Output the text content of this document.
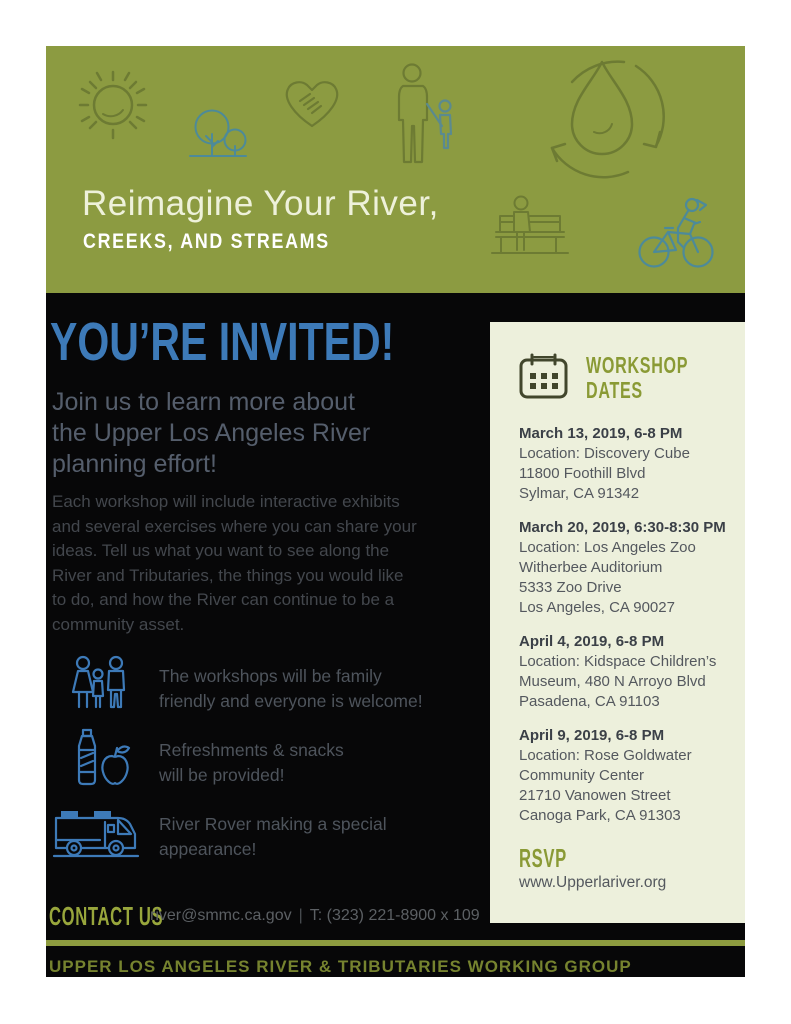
Reimagine Your River,
CREEKS, AND STREAMS
YOU’RE INVITED!
Join us to learn more about
the Upper Los Angeles River
planning effort!
Each workshop will include interactive exhibits
and several exercises where you can share your
ideas. Tell us what you want to see along the
River and Tributaries, the things you would like
to do, and how the River can continue to be a
community asset.
The workshops will be family
friendly and everyone is welcome!
Refreshments & snacks
will be provided!
River Rover making a special
appearance!
WORKSHOP DATES
March 13, 2019, 6-8 PM
Location: Discovery Cube
11800 Foothill Blvd
Sylmar, CA 91342
March 20, 2019, 6:30-8:30 PM
Location: Los Angeles Zoo
Witherbee Auditorium
5333 Zoo Drive
Los Angeles, CA 90027
April 4, 2019, 6-8 PM
Location: Kidspace Children’s
Museum, 480 N Arroyo Blvd
Pasadena, CA 91103
April 9, 2019, 6-8 PM
Location: Rose Goldwater
Community Center
21710 Vanowen Street
Canoga Park, CA 91303
RSVP
www.Upperlariver.org
CONTACT US
river@smmc.ca.gov | T: (323) 221-8900 x 109
UPPER LOS ANGELES RIVER & TRIBUTARIES WORKING GROUP
